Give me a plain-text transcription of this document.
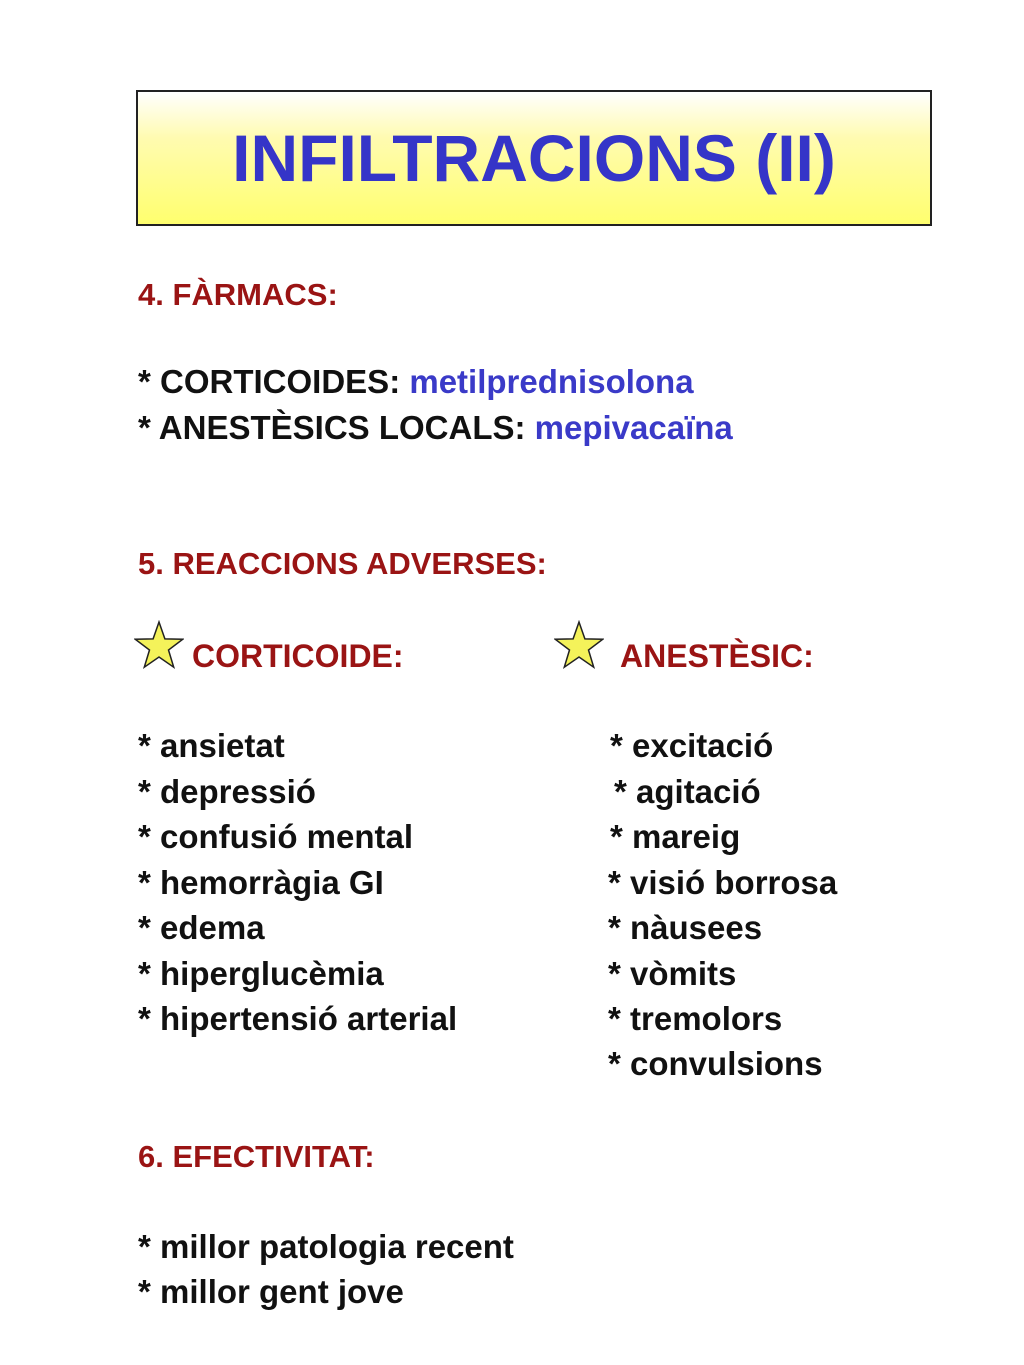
INFILTRACIONS (II)
4. FÀRMACS:
* CORTICOIDES: metilprednisolona
* ANESTÈSICS LOCALS: mepivacaïna
5. REACCIONS ADVERSES:
CORTICOIDE:	ANESTÈSIC:
* ansietat
* depressió
* confusió mental
* hemorràgia GI
* edema
* hiperglucèmia
* hipertensió arterial
* excitació
* agitació
* mareig
* visió borrosa
* nàusees
* vòmits
* tremolors
* convulsions
6. EFECTIVITAT:
* millor patologia recent
* millor gent jove
